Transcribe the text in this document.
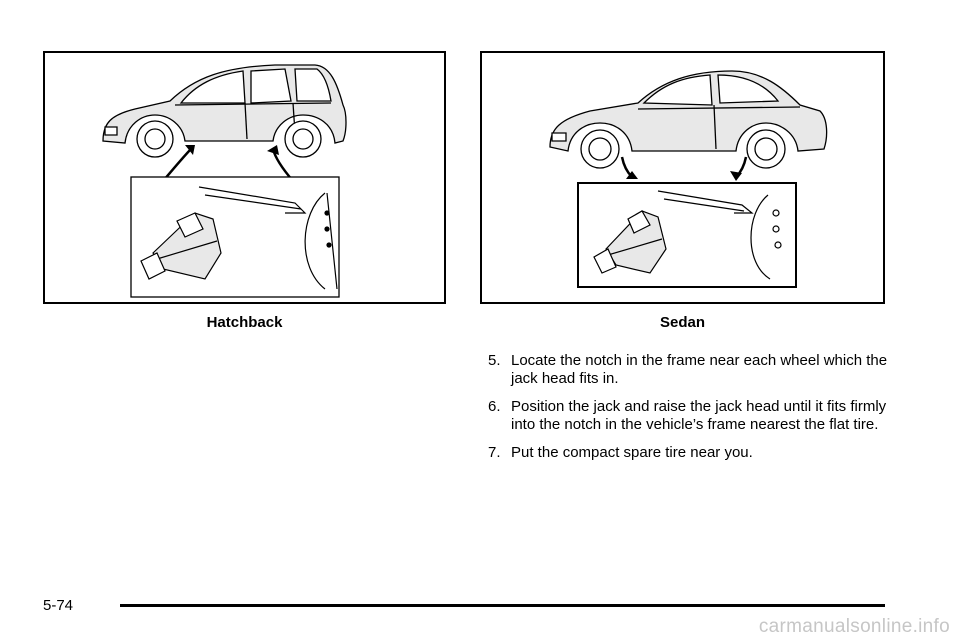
Hatchback	Sedan
5. Locate the notch in the frame near each wheel which the jack head fits in.
6. Position the jack and raise the jack head until it fits firmly into the notch in the vehicle’s frame nearest the flat tire.
7. Put the compact spare tire near you.
5-74
carmanualsonline.info
